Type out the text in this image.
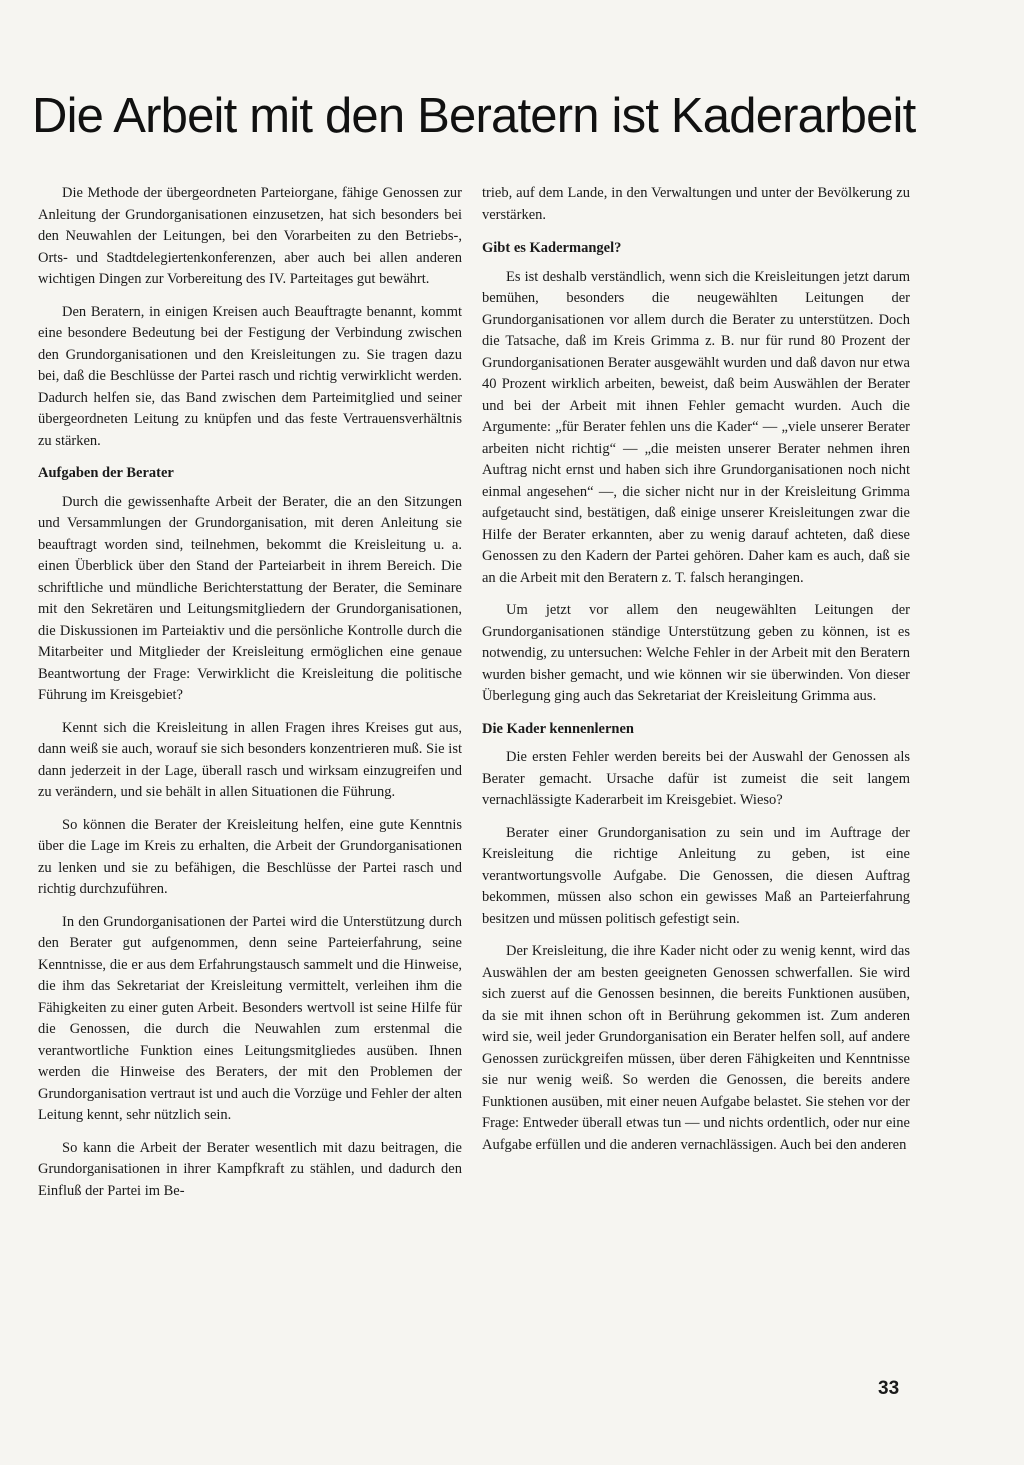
Die Arbeit mit den Beratern ist Kaderarbeit

Die Methode der übergeordneten Parteiorgane, fähige Genossen zur Anleitung der Grundorganisationen einzusetzen, hat sich besonders bei den Neuwahlen der Leitungen, bei den Vorarbeiten zu den Betriebs-, Orts- und Stadtdelegiertenkonferenzen, aber auch bei allen anderen wichtigen Dingen zur Vorbereitung des IV. Parteitages gut bewährt.

Den Beratern, in einigen Kreisen auch Beauftragte benannt, kommt eine besondere Bedeutung bei der Festigung der Verbindung zwischen den Grundorganisationen und den Kreisleitungen zu. Sie tragen dazu bei, daß die Beschlüsse der Partei rasch und richtig verwirklicht werden. Dadurch helfen sie, das Band zwischen dem Parteimitglied und seiner übergeordneten Leitung zu knüpfen und das feste Vertrauensverhältnis zu stärken.

Aufgaben der Berater

Durch die gewissenhafte Arbeit der Berater, die an den Sitzungen und Versammlungen der Grundorganisation, mit deren Anleitung sie beauftragt worden sind, teilnehmen, bekommt die Kreisleitung u. a. einen Überblick über den Stand der Parteiarbeit in ihrem Bereich. Die schriftliche und mündliche Berichterstattung der Berater, die Seminare mit den Sekretären und Leitungsmitgliedern der Grundorganisationen, die Diskussionen im Parteiaktiv und die persönliche Kontrolle durch die Mitarbeiter und Mitglieder der Kreisleitung ermöglichen eine genaue Beantwortung der Frage: Verwirklicht die Kreisleitung die politische Führung im Kreisgebiet?

Kennt sich die Kreisleitung in allen Fragen ihres Kreises gut aus, dann weiß sie auch, worauf sie sich besonders konzentrieren muß. Sie ist dann jederzeit in der Lage, überall rasch und wirksam einzugreifen und zu verändern, und sie behält in allen Situationen die Führung.

So können die Berater der Kreisleitung helfen, eine gute Kenntnis über die Lage im Kreis zu erhalten, die Arbeit der Grundorganisationen zu lenken und sie zu befähigen, die Beschlüsse der Partei rasch und richtig durchzuführen.

In den Grundorganisationen der Partei wird die Unterstützung durch den Berater gut aufgenommen, denn seine Parteierfahrung, seine Kenntnisse, die er aus dem Erfahrungstausch sammelt und die Hinweise, die ihm das Sekretariat der Kreisleitung vermittelt, verleihen ihm die Fähigkeiten zu einer guten Arbeit. Besonders wertvoll ist seine Hilfe für die Genossen, die durch die Neuwahlen zum erstenmal die verantwortliche Funktion eines Leitungsmitgliedes ausüben. Ihnen werden die Hinweise des Beraters, der mit den Problemen der Grundorganisation vertraut ist und auch die Vorzüge und Fehler der alten Leitung kennt, sehr nützlich sein.

So kann die Arbeit der Berater wesentlich mit dazu beitragen, die Grundorganisationen in ihrer Kampfkraft zu stählen, und dadurch den Einfluß der Partei im Be-

trieb, auf dem Lande, in den Verwaltungen und unter der Bevölkerung zu verstärken.

Gibt es Kadermangel?

Es ist deshalb verständlich, wenn sich die Kreisleitungen jetzt darum bemühen, besonders die neugewählten Leitungen der Grundorganisationen vor allem durch die Berater zu unterstützen. Doch die Tatsache, daß im Kreis Grimma z. B. nur für rund 80 Prozent der Grundorganisationen Berater ausgewählt wurden und daß davon nur etwa 40 Prozent wirklich arbeiten, beweist, daß beim Auswählen der Berater und bei der Arbeit mit ihnen Fehler gemacht wurden. Auch die Argumente: „für Berater fehlen uns die Kader“ — „viele unserer Berater arbeiten nicht richtig“ — „die meisten unserer Berater nehmen ihren Auftrag nicht ernst und haben sich ihre Grundorganisationen noch nicht einmal angesehen“ —, die sicher nicht nur in der Kreisleitung Grimma aufgetaucht sind, bestätigen, daß einige unserer Kreisleitungen zwar die Hilfe der Berater erkannten, aber zu wenig darauf achteten, daß diese Genossen zu den Kadern der Partei gehören. Daher kam es auch, daß sie an die Arbeit mit den Beratern z. T. falsch herangingen.

Um jetzt vor allem den neugewählten Leitungen der Grundorganisationen ständige Unterstützung geben zu können, ist es notwendig, zu untersuchen: Welche Fehler in der Arbeit mit den Beratern wurden bisher gemacht, und wie können wir sie überwinden. Von dieser Überlegung ging auch das Sekretariat der Kreisleitung Grimma aus.

Die Kader kennenlernen

Die ersten Fehler werden bereits bei der Auswahl der Genossen als Berater gemacht. Ursache dafür ist zumeist die seit langem vernachlässigte Kaderarbeit im Kreisgebiet. Wieso?

Berater einer Grundorganisation zu sein und im Auftrage der Kreisleitung die richtige Anleitung zu geben, ist eine verantwortungsvolle Aufgabe. Die Genossen, die diesen Auftrag bekommen, müssen also schon ein gewisses Maß an Parteierfahrung besitzen und müssen politisch gefestigt sein.

Der Kreisleitung, die ihre Kader nicht oder zu wenig kennt, wird das Auswählen der am besten geeigneten Genossen schwerfallen. Sie wird sich zuerst auf die Genossen besinnen, die bereits Funktionen ausüben, da sie mit ihnen schon oft in Berührung gekommen ist. Zum anderen wird sie, weil jeder Grundorganisation ein Berater helfen soll, auf andere Genossen zurückgreifen müssen, über deren Fähigkeiten und Kenntnisse sie nur wenig weiß. So werden die Genossen, die bereits andere Funktionen ausüben, mit einer neuen Aufgabe belastet. Sie stehen vor der Frage: Entweder überall etwas tun — und nichts ordentlich, oder nur eine Aufgabe erfüllen und die anderen vernachlässigen. Auch bei den anderen

33
